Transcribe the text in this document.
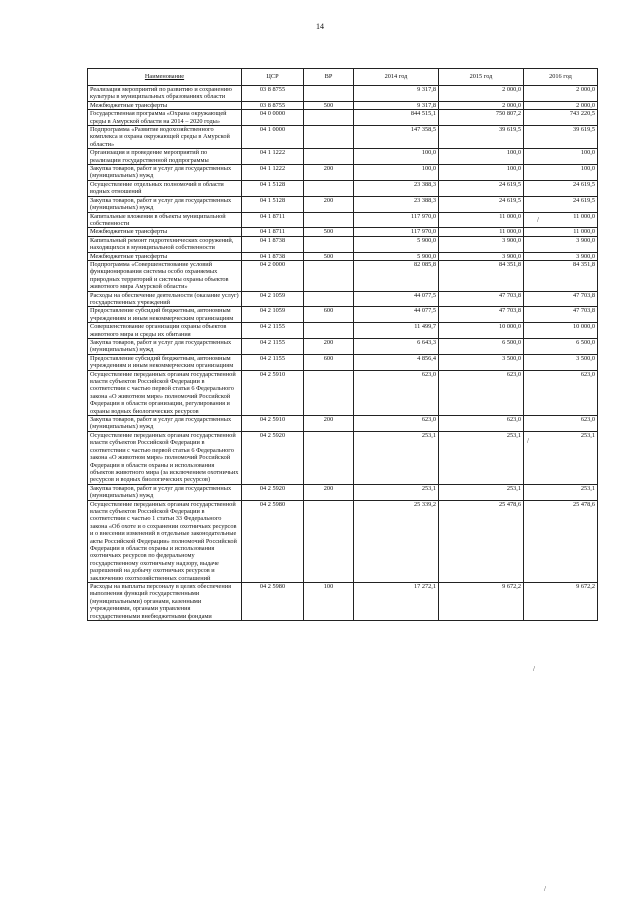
14
Наименование	ЦСР	ВР	2014 год	2015 год	2016 год
Реализация мероприятий по развитию и сохранению культуры в муниципальных образованиях области	03 8 8755		9 317,8	2 000,0	2 000,0
Межбюджетные трансферты	03 8 8755	500	9 317,8	2 000,0	2 000,0
Государственная программа «Охрана окружающей среды в Амурской области на 2014 – 2020 годы»	04 0 0000		844 515,1	750 807,2	743 220,5
Подпрограмма «Развитие водохозяйственного комплекса и охрана окружающей среды в Амурской области»	04 1 0000		147 358,5	39 619,5	39 619,5
Организация и проведение мероприятий по реализации государственной подпрограммы	04 1 1222		100,0	100,0	100,0
Закупка товаров, работ и услуг для государственных (муниципальных) нужд	04 1 1222	200	100,0	100,0	100,0
Осуществление отдельных полномочий в области водных отношений	04 1 5128		23 388,3	24 619,5	24 619,5
Закупка товаров, работ и услуг для государственных (муниципальных) нужд	04 1 5128	200	23 388,3	24 619,5	24 619,5
Капитальные вложения в объекты муниципальной собственности	04 1 8711		117 970,0	11 000,0	11 000,0
Межбюджетные трансферты	04 1 8711	500	117 970,0	11 000,0	11 000,0
Капитальный ремонт гидротехнических сооружений, находящихся в муниципальной собственности	04 1 8738		5 900,0	3 900,0	3 900,0
Межбюджетные трансферты	04 1 8738	500	5 900,0	3 900,0	3 900,0
Подпрограмма «Совершенствование условий функционирования системы особо охраняемых природных территорий и системы охраны объектов животного мира Амурской области»	04 2 0000		82 085,8	84 351,8	84 351,8
Расходы на обеспечение деятельности (оказание услуг) государственных учреждений	04 2 1059		44 077,5	47 703,8	47 703,8
Предоставление субсидий бюджетным, автономным учреждениям и иным некоммерческим организациям	04 2 1059	600	44 077,5	47 703,8	47 703,8
Совершенствование организации охраны объектов животного мира и среды их обитания	04 2 1155		11 499,7	10 000,0	10 000,0
Закупка товаров, работ и услуг для государственных (муниципальных) нужд	04 2 1155	200	6 643,3	6 500,0	6 500,0
Предоставление субсидий бюджетным, автономным учреждениям и иным некоммерческим организациям	04 2 1155	600	4 856,4	3 500,0	3 500,0
Осуществление переданных органам государственной власти субъектов Российской Федерации в соответствии с частью первой статьи 6 Федерального закона «О животном мире» полномочий Российской Федерации в области организации, регулирования и охраны водных биологических ресурсов	04 2 5910		623,0	623,0	623,0
Закупка товаров, работ и услуг для государственных (муниципальных) нужд	04 2 5910	200	623,0	623,0	623,0
Осуществление переданных органам государственной власти субъектов Российской Федерации в соответствии с частью первой статьи 6 Федерального закона «О животном мире» полномочий Российской Федерации в области охраны и использования объектов животного мира (за исключением охотничьих ресурсов и водных биологических ресурсов)	04 2 5920		253,1	253,1	253,1
Закупка товаров, работ и услуг для государственных (муниципальных) нужд	04 2 5920	200	253,1	253,1	253,1
Осуществление переданных органам государственной власти субъектов Российской Федерации в соответствии с частью 1 статьи 33 Федерального закона «Об охоте и о сохранении охотничьих ресурсов и о внесении изменений в отдельные законодательные акты Российской Федерации» полномочий Российской Федерации в области охраны и использования охотничьих ресурсов по федеральному государственному охотничьему надзору, выдаче разрешений на добычу охотничьих ресурсов и заключению охотхозяйственных соглашений	04 2 5980		25 339,2	25 478,6	25 478,6
Расходы на выплаты персоналу в целях обеспечения выполнения функций государственными (муниципальными) органами, казенными учреждениями, органами управления государственными внебюджетными фондами	04 2 5980	100	17 272,1	9 672,2	9 672,2
/
/
/
/
